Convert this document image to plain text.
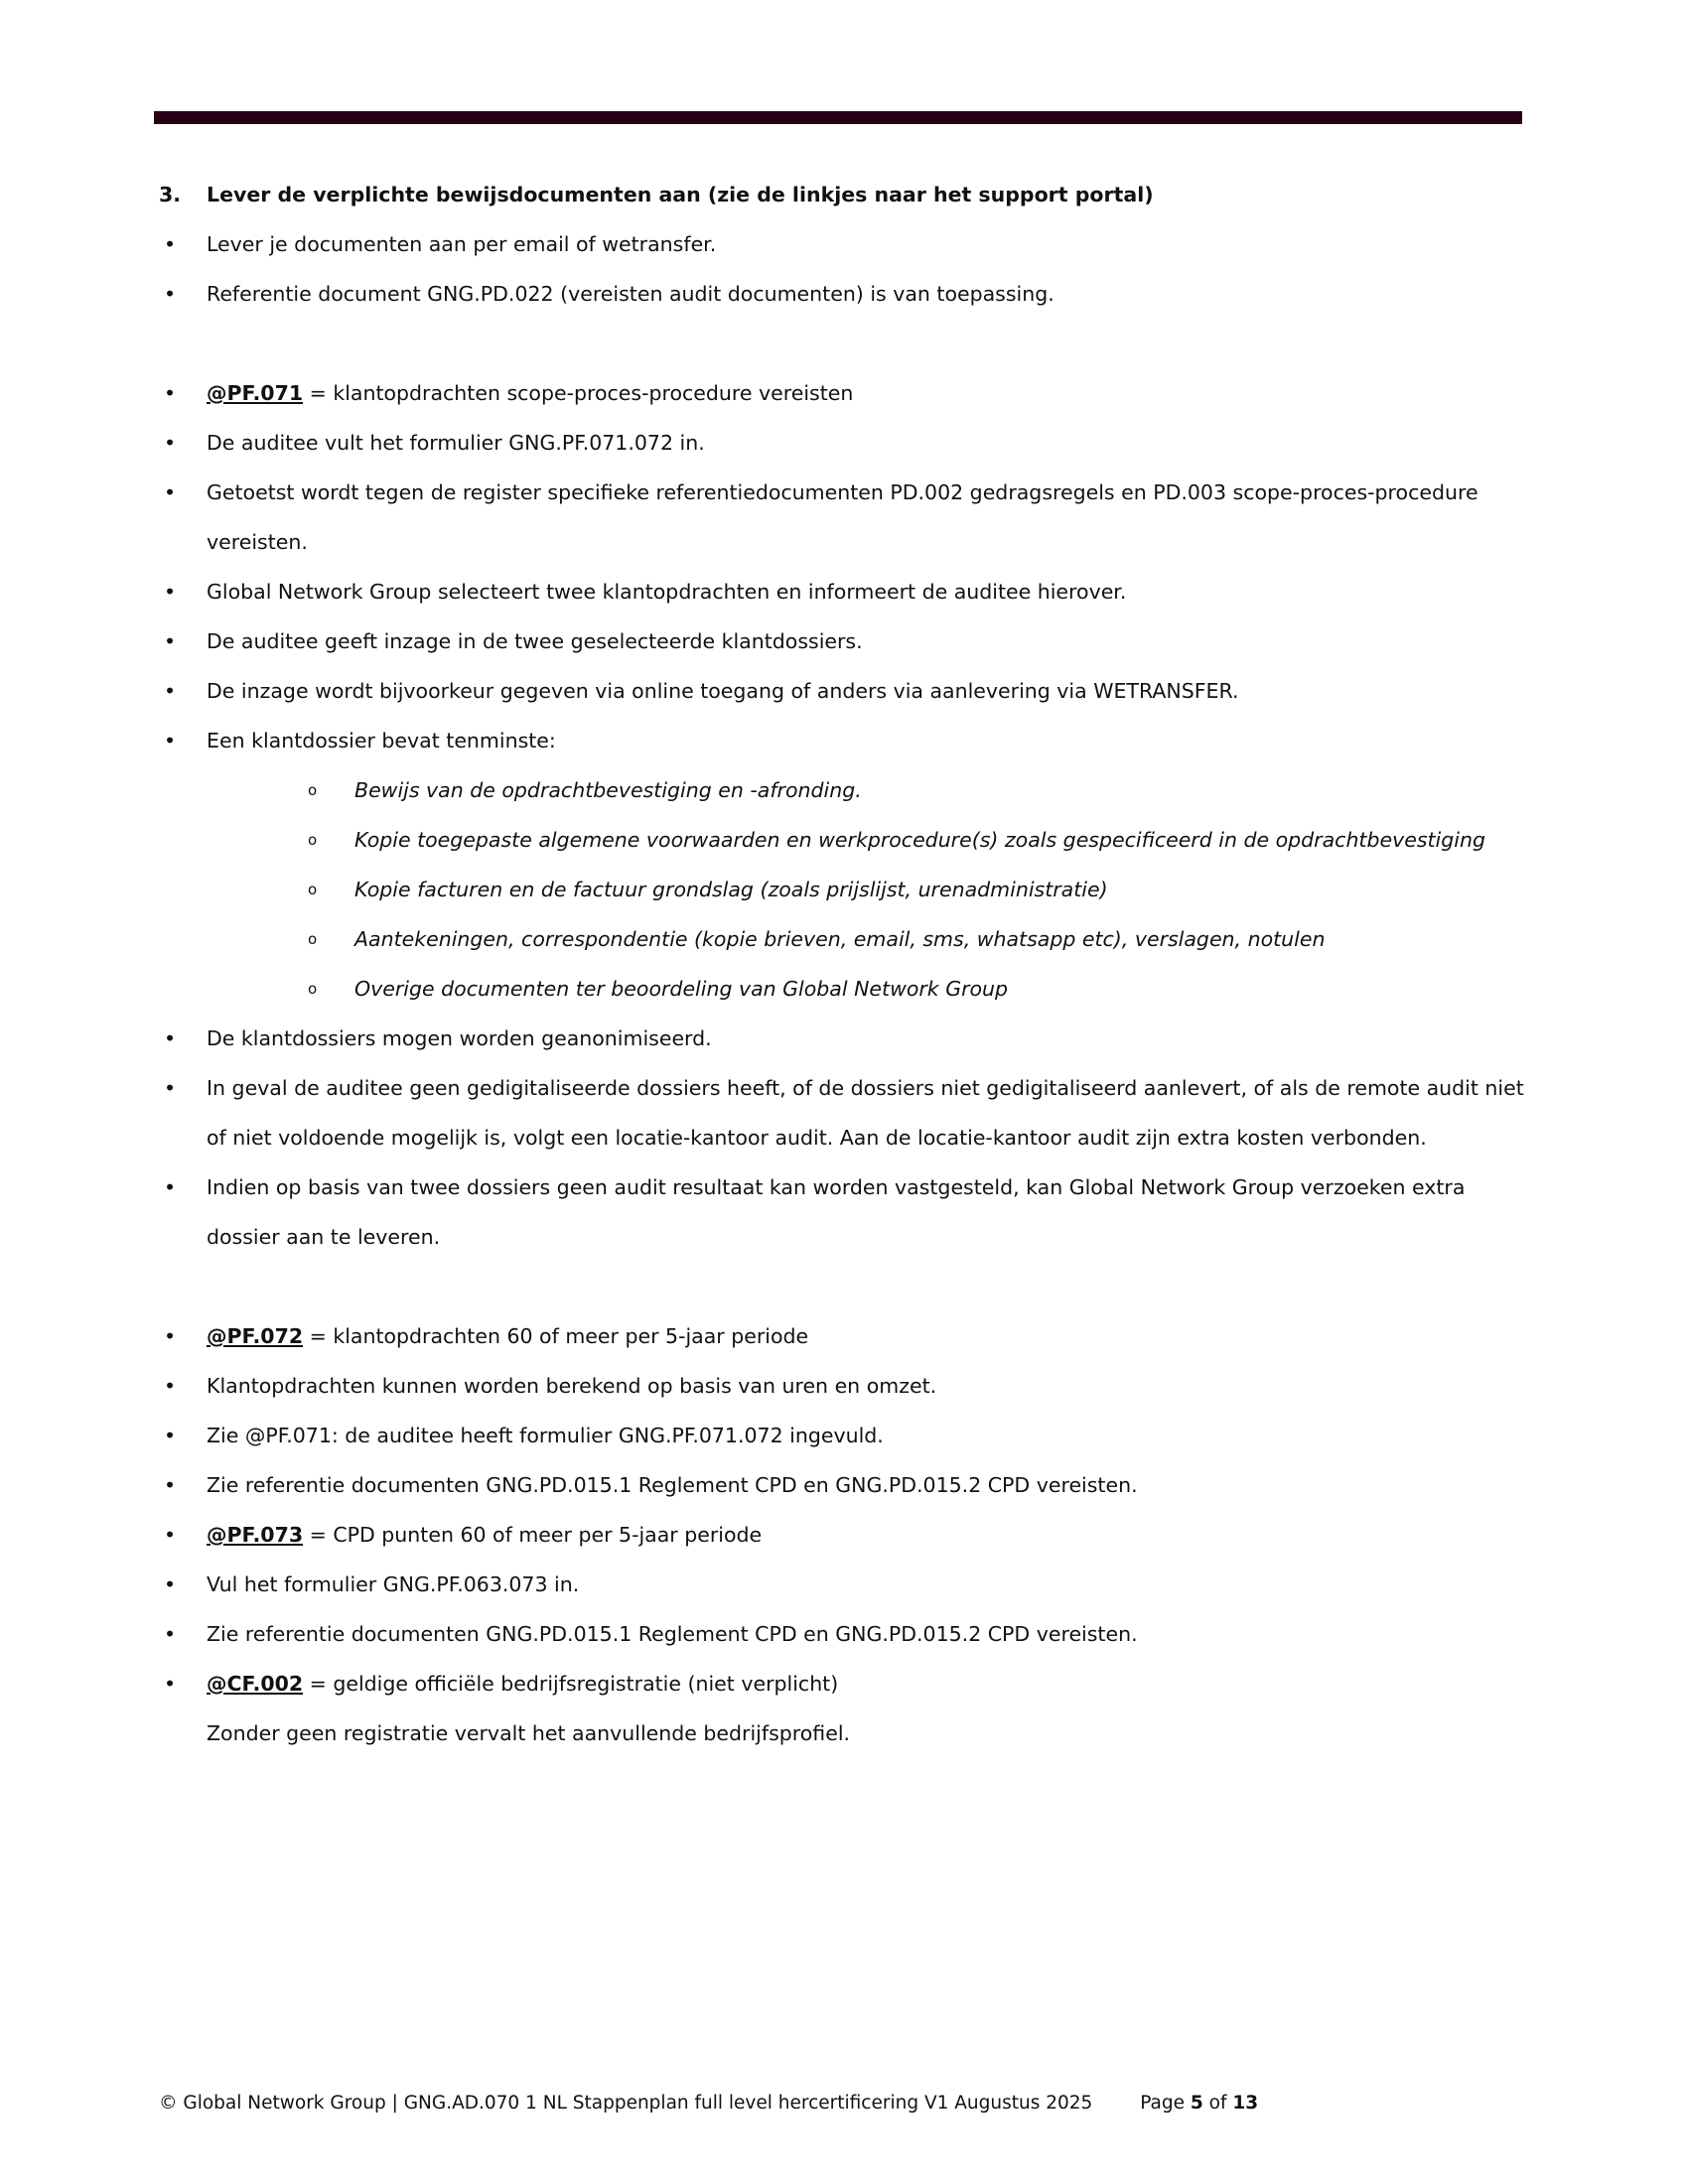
3. Lever de verplichte bewijsdocumenten aan (zie de linkjes naar het support portal)
• Lever je documenten aan per email of wetransfer.
• Referentie document GNG.PD.022 (vereisten audit documenten) is van toepassing.
• @PF.071 = klantopdrachten scope-proces-procedure vereisten
• De auditee vult het formulier GNG.PF.071.072 in.
• Getoetst wordt tegen de register specifieke referentiedocumenten PD.002 gedragsregels en PD.003 scope-proces-procedure vereisten.
• Global Network Group selecteert twee klantopdrachten en informeert de auditee hierover.
• De auditee geeft inzage in de twee geselecteerde klantdossiers.
• De inzage wordt bijvoorkeur gegeven via online toegang of anders via aanlevering via WETRANSFER.
• Een klantdossier bevat tenminste:
o Bewijs van de opdrachtbevestiging en -afronding.
o Kopie toegepaste algemene voorwaarden en werkprocedure(s) zoals gespecificeerd in de opdrachtbevestiging
o Kopie facturen en de factuur grondslag (zoals prijslijst, urenadministratie)
o Aantekeningen, correspondentie (kopie brieven, email, sms, whatsapp etc), verslagen, notulen
o Overige documenten ter beoordeling van Global Network Group
• De klantdossiers mogen worden geanonimiseerd.
• In geval de auditee geen gedigitaliseerde dossiers heeft, of de dossiers niet gedigitaliseerd aanlevert, of als de remote audit niet of niet voldoende mogelijk is, volgt een locatie-kantoor audit. Aan de locatie-kantoor audit zijn extra kosten verbonden.
• Indien op basis van twee dossiers geen audit resultaat kan worden vastgesteld, kan Global Network Group verzoeken extra dossier aan te leveren.
• @PF.072 = klantopdrachten 60 of meer per 5-jaar periode
• Klantopdrachten kunnen worden berekend op basis van uren en omzet.
• Zie @PF.071: de auditee heeft formulier GNG.PF.071.072 ingevuld.
• Zie referentie documenten GNG.PD.015.1 Reglement CPD en GNG.PD.015.2 CPD vereisten.
• @PF.073 = CPD punten 60 of meer per 5-jaar periode
• Vul het formulier GNG.PF.063.073 in.
• Zie referentie documenten GNG.PD.015.1 Reglement CPD en GNG.PD.015.2 CPD vereisten.
• @CF.002 = geldige officiële bedrijfsregistratie (niet verplicht)
Zonder geen registratie vervalt het aanvullende bedrijfsprofiel.
© Global Network Group | GNG.AD.070 1 NL Stappenplan full level hercertificering V1 Augustus 2025	Page 5 of 13
